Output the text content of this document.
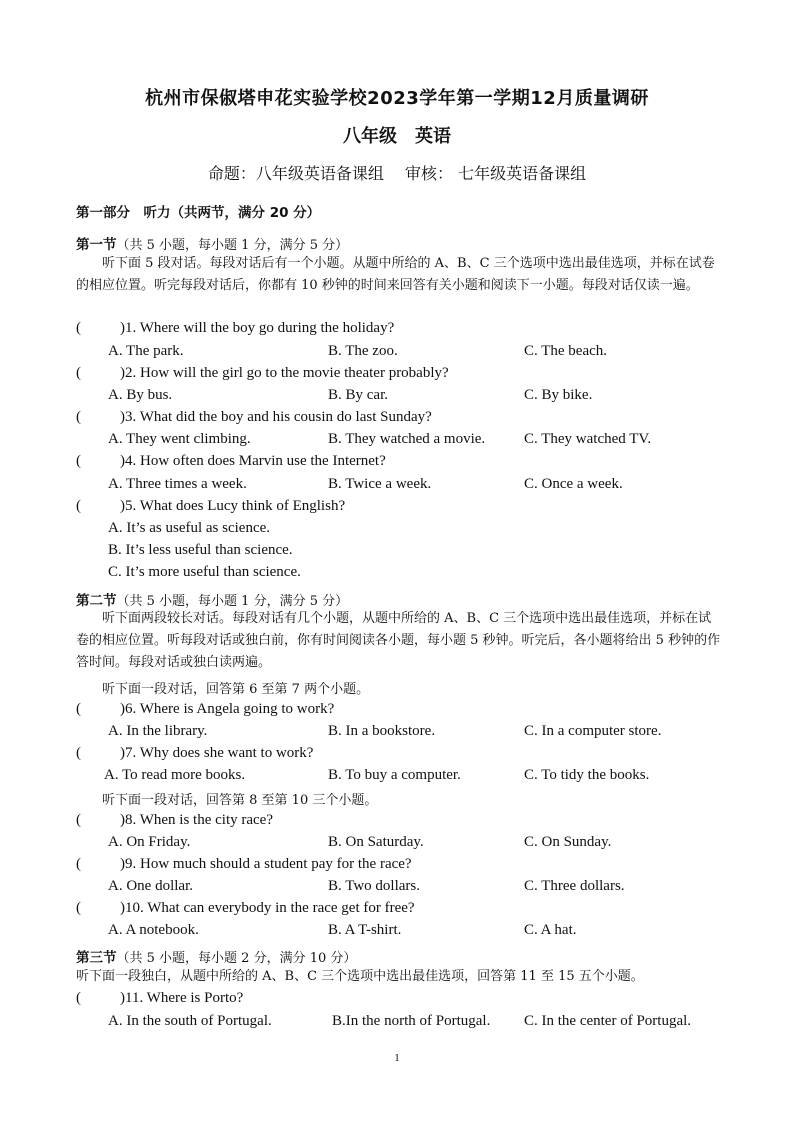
杭州市保俶塔申花实验学校2023学年第一学期12月质量调研
八年级　英语
命题：八年级英语备课组 审核： 七年级英语备课组
第一部分　听力（共两节，满分 20 分）
第一节（共 5 小题，每小题 1 分，满分 5 分）
听下面 5 段对话。每段对话后有一个小题。从题中所给的 A、B、C 三个选项中选出最佳选项，并标在试卷的相应位置。听完每段对话后，你都有 10 秒钟的时间来回答有关小题和阅读下一小题。每段对话仅读一遍。
(	)1. Where will the boy go during the holiday?
A. The park.	B. The zoo.	C. The beach.
(	)2. How will the girl go to the movie theater probably?
A. By bus.	B. By car.	C. By bike.
(	)3. What did the boy and his cousin do last Sunday?
A. They went climbing.	B. They watched a movie.	C. They watched TV.
(	)4. How often does Marvin use the Internet?
A. Three times a week.	B. Twice a week.	C. Once a week.
(	)5. What does Lucy think of English?
A. It’s as useful as science.
B. It’s less useful than science.
C. It’s more useful than science.
第二节（共 5 小题，每小题 1 分，满分 5 分）
听下面两段较长对话。每段对话有几个小题，从题中所给的 A、B、C 三个选项中选出最佳选项，并标在试卷的相应位置。听每段对话或独白前，你有时间阅读各小题，每小题 5 秒钟。听完后，各小题将给出 5 秒钟的作答时间。每段对话或独白读两遍。
听下面一段对话，回答第 6 至第 7 两个小题。
(	)6. Where is Angela going to work?
A. In the library.	B. In a bookstore.	C. In a computer store.
(	)7. Why does she want to work?
A. To read more books.	B. To buy a computer.	C. To tidy the books.
听下面一段对话，回答第 8 至第 10 三个小题。
(	)8. When is the city race?
A. On Friday.	B. On Saturday.	C. On Sunday.
(	)9. How much should a student pay for the race?
A. One dollar.	B. Two dollars.	C. Three dollars.
(	)10. What can everybody in the race get for free?
A. A notebook.	B. A T-shirt.	C. A hat.
第三节（共 5 小题，每小题 2 分，满分 10 分）
听下面一段独白，从题中所给的 A、B、C 三个选项中选出最佳选项，回答第 11 至 15 五个小题。
(	)11. Where is Porto?
A. In the south of Portugal.	B.In the north of Portugal. C. In the center of Portugal.
1
